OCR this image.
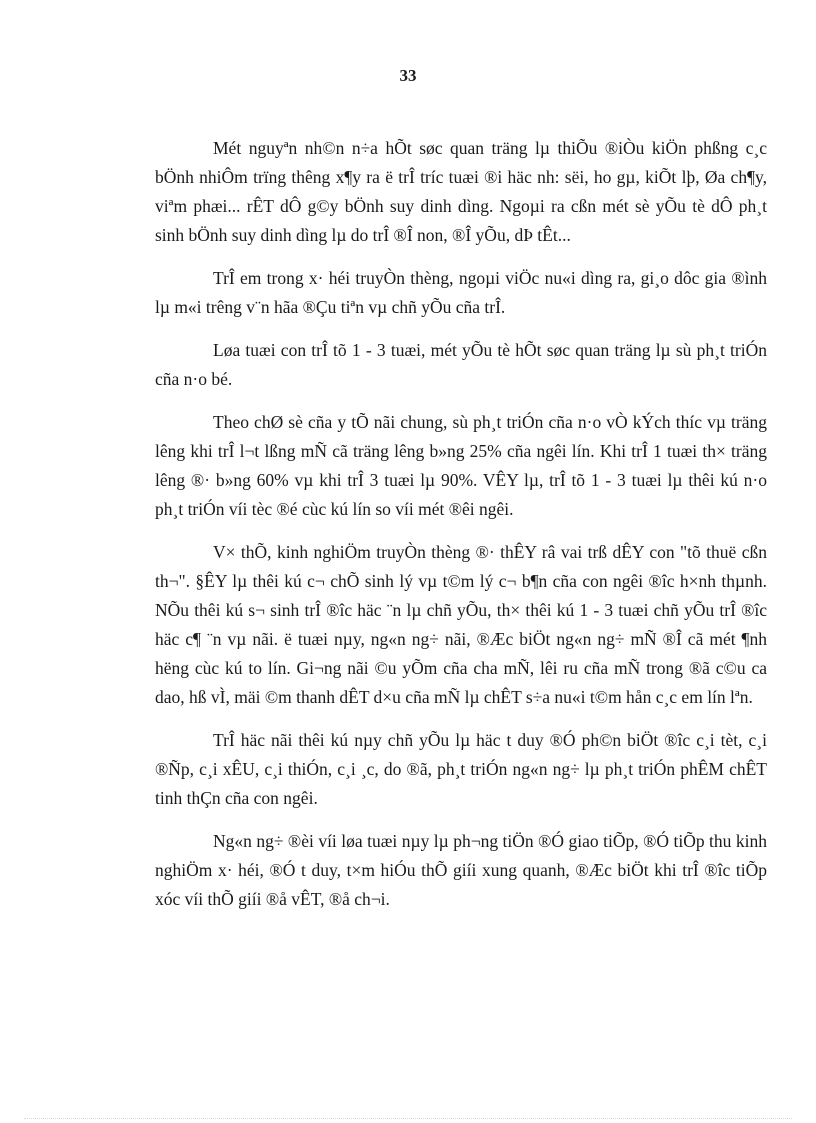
33

Mét nguyªn nh©n n÷a hÕt søc quan träng lµ thiÕu ®iÒu kiÖn phßng c¸c bÖnh nhiÔm trïng thêng x¶y ra ë trÎ tríc tuæi ®i häc nh: sëi, ho gµ, kiÕt lþ, Øa ch¶y, viªm phæi... rÊT dÔ g©y bÖnh suy dinh dìng. Ngoµi ra cßn mét sè yÕu tè dÔ ph¸t sinh bÖnh suy dinh dìng lµ do trÎ ®Î non, ®Î yÕu, dÞ tÊt...

TrÎ em trong x· héi truyÒn thèng, ngoµi viÖc nu«i dìng ra, gi¸o dôc gia ®ình lµ m«i trêng v¨n hãa ®Çu tiªn vµ chñ yÕu cña trÎ.

Løa tuæi con trÎ tõ 1 - 3 tuæi, mét yÕu tè hÕt søc quan träng lµ sù ph¸t triÓn cña n·o bé.

Theo chØ sè cña y tÕ nãi chung, sù ph¸t triÓn cña n·o vÒ kÝch thíc vµ träng lêng khi trÎ l¬t lßng mÑ cã träng lêng b»ng 25% cña ngêi lín. Khi trÎ 1 tuæi th× träng lêng ®· b»ng 60% vµ khi trÎ 3 tuæi lµ 90%. VÊY lµ, trÎ tõ 1 - 3 tuæi lµ thêi kú n·o ph¸t triÓn víi tèc ®é cùc kú lín so víi mét ®êi ngêi.

V× thÕ, kinh nghiÖm truyÒn thèng ®· thÊY râ vai trß dÊY con "tõ thuë cßn th¬". §ÊY lµ thêi kú c¬ chÕ sinh lý vµ t©m lý c¬ b¶n cña con ngêi ®îc h×nh thµnh. NÕu thêi kú s¬ sinh trÎ ®îc häc ¨n lµ chñ yÕu, th× thêi kú 1 - 3 tuæi chñ yÕu trÎ ®îc häc c¶ ¨n vµ nãi. ë tuæi nµy, ng«n ng÷ nãi, ®Æc biÖt ng«n ng÷ mÑ ®Î cã mét ¶nh hëng cùc kú to lín. Gi¬ng nãi ©u yÕm cña cha mÑ, lêi ru cña mÑ trong ®ã c©u ca dao, hß vÌ, mäi ©m thanh dÊT d×u cña mÑ lµ chÊT s÷a nu«i t©m hån c¸c em lín lªn.

TrÎ häc nãi thêi kú nµy chñ yÕu lµ häc t duy ®Ó ph©n biÖt ®îc c¸i tèt, c¸i ®Ñp, c¸i xÊU, c¸i thiÓn, c¸i ¸c, do ®ã, ph¸t triÓn ng«n ng÷ lµ ph¸t triÓn phÊM chÊT tinh thÇn cña con ngêi.

Ng«n ng÷ ®èi víi løa tuæi nµy lµ ph¬ng tiÖn ®Ó giao tiÕp, ®Ó tiÕp thu kinh nghiÖm x· héi, ®Ó t duy, t×m hiÓu thÕ giíi xung quanh, ®Æc biÖt khi trÎ ®îc tiÕp xóc víi thÕ giíi ®å vÊT, ®å ch¬i.
